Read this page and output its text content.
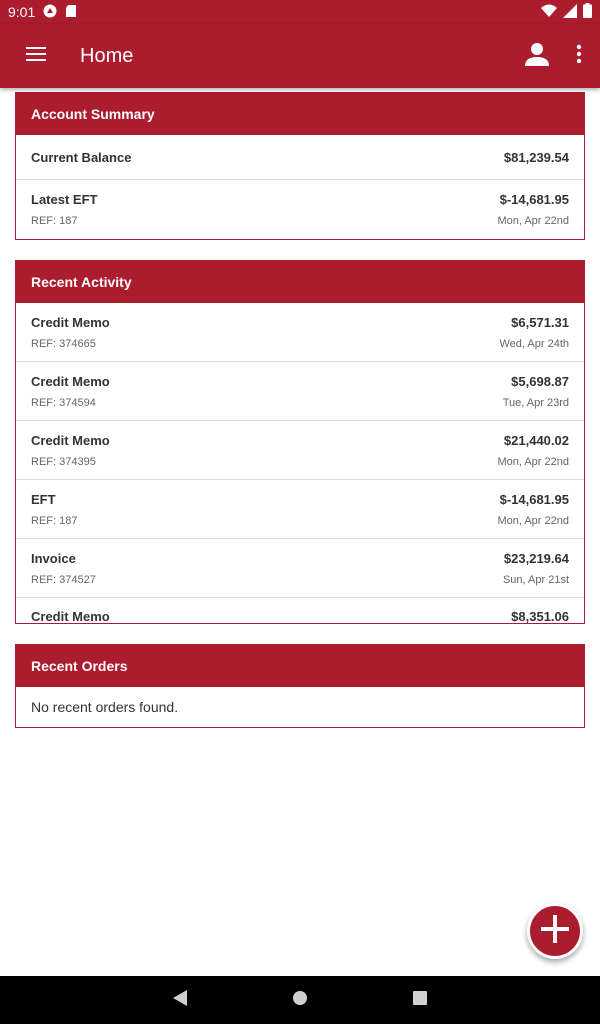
9:01
Home
Account Summary
Current Balance	$81,239.54
Latest EFT	$-14,681.95
REF: 187	Mon, Apr 22nd
Recent Activity
Credit Memo	$6,571.31
REF: 374665	Wed, Apr 24th
Credit Memo	$5,698.87
REF: 374594	Tue, Apr 23rd
Credit Memo	$21,440.02
REF: 374395	Mon, Apr 22nd
EFT	$-14,681.95
REF: 187	Mon, Apr 22nd
Invoice	$23,219.64
REF: 374527	Sun, Apr 21st
Credit Memo	$8,351.06
Recent Orders
No recent orders found.
